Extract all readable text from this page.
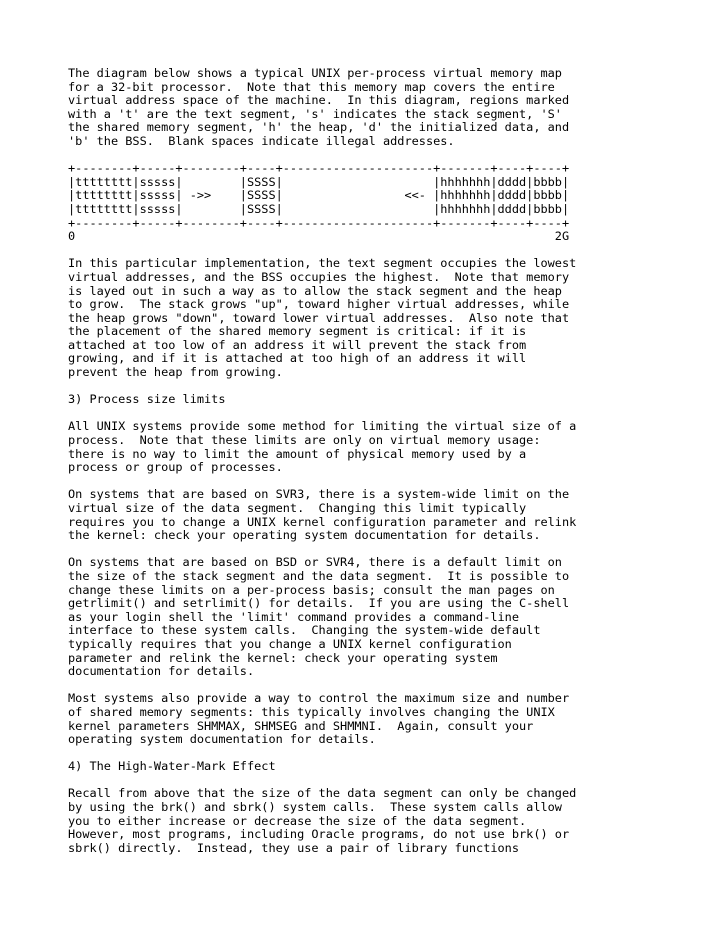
The diagram below shows a typical UNIX per-process virtual memory map
for a 32-bit processor.  Note that this memory map covers the entire
virtual address space of the machine.  In this diagram, regions marked
with a 't' are the text segment, 's' indicates the stack segment, 'S'
the shared memory segment, 'h' the heap, 'd' the initialized data, and
'b' the BSS.  Blank spaces indicate illegal addresses.
+--------+-----+--------+----+---------------------+-------+----+----+
|tttttttt|sssss|        |SSSS|                     |hhhhhhh|dddd|bbbb|
|tttttttt|sssss| ->>    |SSSS|                 <<- |hhhhhhh|dddd|bbbb|
|tttttttt|sssss|        |SSSS|                     |hhhhhhh|dddd|bbbb|
+--------+-----+--------+----+---------------------+-------+----+----+
0                                                                   2G
In this particular implementation, the text segment occupies the lowest
virtual addresses, and the BSS occupies the highest.  Note that memory
is layed out in such a way as to allow the stack segment and the heap
to grow.  The stack grows "up", toward higher virtual addresses, while
the heap grows "down", toward lower virtual addresses.  Also note that
the placement of the shared memory segment is critical: if it is
attached at too low of an address it will prevent the stack from
growing, and if it is attached at too high of an address it will
prevent the heap from growing.
3) Process size limits
All UNIX systems provide some method for limiting the virtual size of a
process.  Note that these limits are only on virtual memory usage:
there is no way to limit the amount of physical memory used by a
process or group of processes.
On systems that are based on SVR3, there is a system-wide limit on the
virtual size of the data segment.  Changing this limit typically
requires you to change a UNIX kernel configuration parameter and relink
the kernel: check your operating system documentation for details.
On systems that are based on BSD or SVR4, there is a default limit on
the size of the stack segment and the data segment.  It is possible to
change these limits on a per-process basis; consult the man pages on
getrlimit() and setrlimit() for details.  If you are using the C-shell
as your login shell the 'limit' command provides a command-line
interface to these system calls.  Changing the system-wide default
typically requires that you change a UNIX kernel configuration
parameter and relink the kernel: check your operating system
documentation for details.
Most systems also provide a way to control the maximum size and number
of shared memory segments: this typically involves changing the UNIX
kernel parameters SHMMAX, SHMSEG and SHMMNI.  Again, consult your
operating system documentation for details.
4) The High-Water-Mark Effect
Recall from above that the size of the data segment can only be changed
by using the brk() and sbrk() system calls.  These system calls allow
you to either increase or decrease the size of the data segment.
However, most programs, including Oracle programs, do not use brk() or
sbrk() directly.  Instead, they use a pair of library functions
